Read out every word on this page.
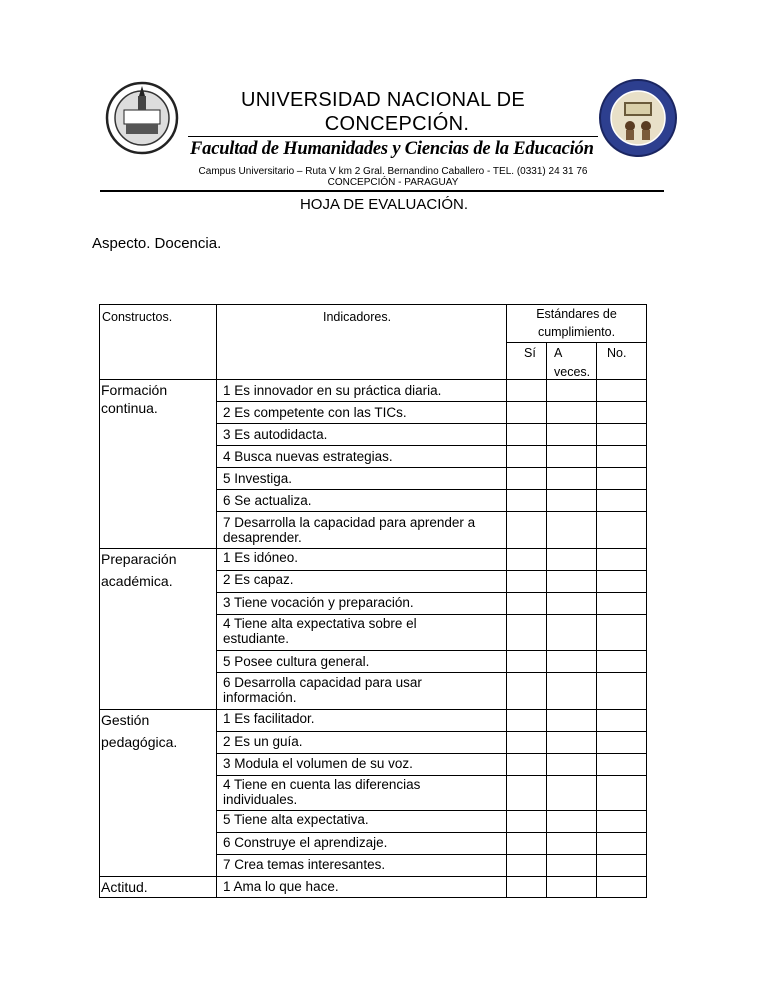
UNIVERSIDAD NACIONAL DE
CONCEPCIÓN.
Facultad de Humanidades y Ciencias de la Educación
Campus Universitario – Ruta V km 2 Gral. Bernandino Caballero - TEL. (0331) 24 31 76
CONCEPCIÓN - PARAGUAY
HOJA DE EVALUACIÓN.
Aspecto. Docencia.
Constructos.	Indicadores.	Estándares de
cumplimiento.
Sí A
veces.
No.
Formación
continua.
Preparación
académica.
Gestión
pedagógica.
Actitud.
1 Es innovador en su práctica diaria.
2 Es competente con las TICs.
3 Es autodidacta.
4 Busca nuevas estrategias.
5 Investiga.
6 Se actualiza.
7 Desarrolla la capacidad para aprender a desaprender.
1 Es idóneo.
2 Es capaz.
3 Tiene vocación y preparación.
4 Tiene alta expectativa sobre el estudiante.
5 Posee cultura general.
6 Desarrolla capacidad para usar información.
1 Es facilitador.
2 Es un guía.
3 Modula el volumen de su voz.
4 Tiene en cuenta las diferencias individuales.
5 Tiene alta expectativa.
6 Construye el aprendizaje.
7 Crea temas interesantes.
1 Ama lo que hace.
